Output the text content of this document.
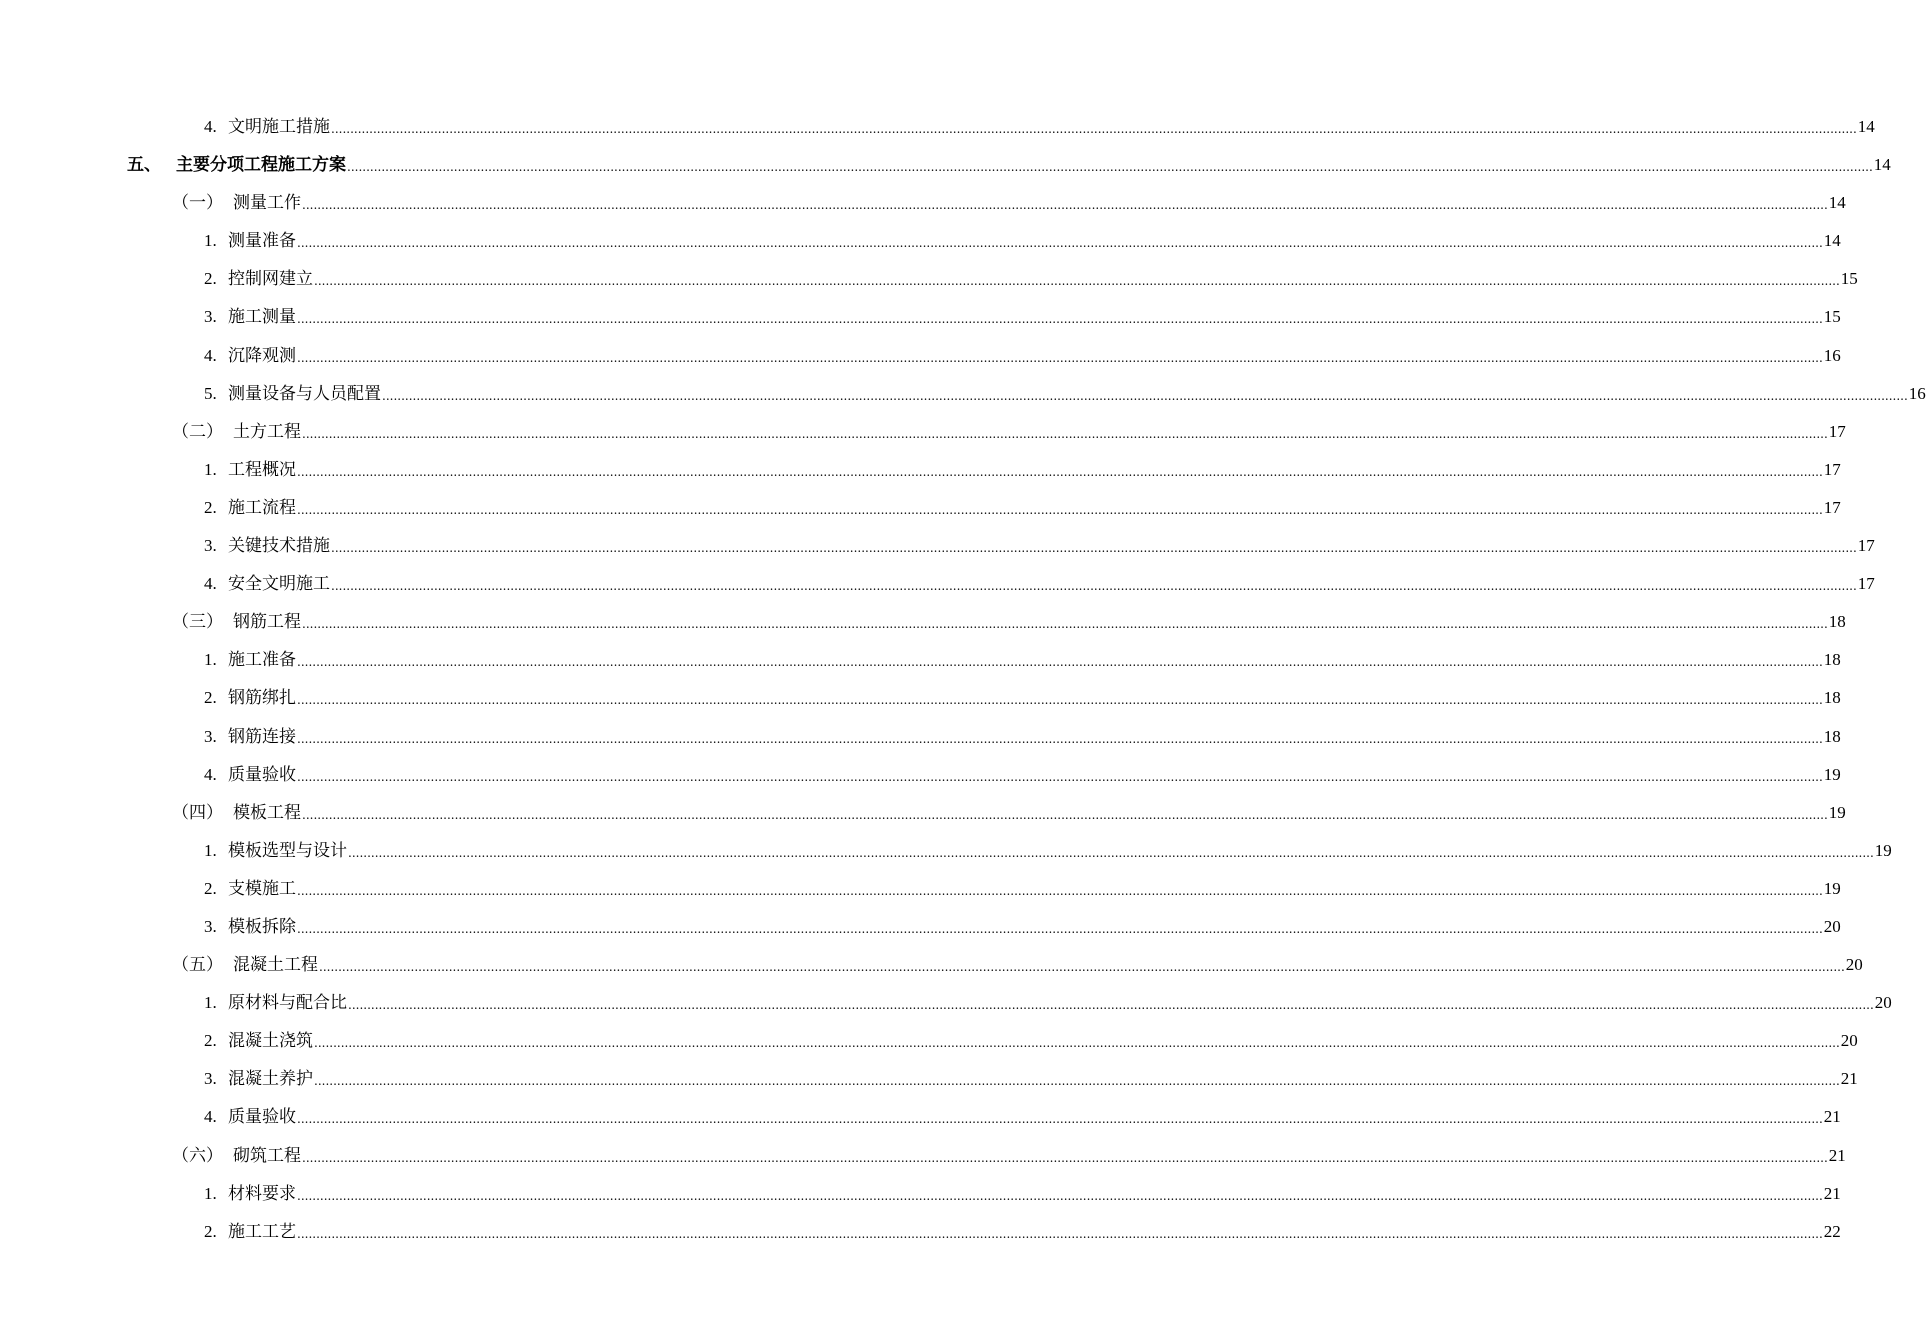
4. 文明施工措施 ................................................................................................................................................................................................................................................................................................................................................................................................................ 14
五、 主要分项工程施工方案 ................................................................................................................................................................................................................................................................................................................................................................................................................ 14
（一） 测量工作 ................................................................................................................................................................................................................................................................................................................................................................................................................ 14
1. 测量准备 ................................................................................................................................................................................................................................................................................................................................................................................................................ 14
2. 控制网建立 ................................................................................................................................................................................................................................................................................................................................................................................................................ 15
3. 施工测量 ................................................................................................................................................................................................................................................................................................................................................................................................................ 15
4. 沉降观测 ................................................................................................................................................................................................................................................................................................................................................................................................................ 16
5. 测量设备与人员配置 ................................................................................................................................................................................................................................................................................................................................................................................................................ 16
（二） 土方工程 ................................................................................................................................................................................................................................................................................................................................................................................................................ 17
1. 工程概况 ................................................................................................................................................................................................................................................................................................................................................................................................................ 17
2. 施工流程 ................................................................................................................................................................................................................................................................................................................................................................................................................ 17
3. 关键技术措施 ................................................................................................................................................................................................................................................................................................................................................................................................................ 17
4. 安全文明施工 ................................................................................................................................................................................................................................................................................................................................................................................................................ 17
（三） 钢筋工程 ................................................................................................................................................................................................................................................................................................................................................................................................................ 18
1. 施工准备 ................................................................................................................................................................................................................................................................................................................................................................................................................ 18
2. 钢筋绑扎 ................................................................................................................................................................................................................................................................................................................................................................................................................ 18
3. 钢筋连接 ................................................................................................................................................................................................................................................................................................................................................................................................................ 18
4. 质量验收 ................................................................................................................................................................................................................................................................................................................................................................................................................ 19
（四） 模板工程 ................................................................................................................................................................................................................................................................................................................................................................................................................ 19
1. 模板选型与设计 ................................................................................................................................................................................................................................................................................................................................................................................................................ 19
2. 支模施工 ................................................................................................................................................................................................................................................................................................................................................................................................................ 19
3. 模板拆除 ................................................................................................................................................................................................................................................................................................................................................................................................................ 20
（五） 混凝土工程 ................................................................................................................................................................................................................................................................................................................................................................................................................ 20
1. 原材料与配合比 ................................................................................................................................................................................................................................................................................................................................................................................................................ 20
2. 混凝土浇筑 ................................................................................................................................................................................................................................................................................................................................................................................................................ 20
3. 混凝土养护 ................................................................................................................................................................................................................................................................................................................................................................................................................ 21
4. 质量验收 ................................................................................................................................................................................................................................................................................................................................................................................................................ 21
（六） 砌筑工程 ................................................................................................................................................................................................................................................................................................................................................................................................................ 21
1. 材料要求 ................................................................................................................................................................................................................................................................................................................................................................................................................ 21
2. 施工工艺 ................................................................................................................................................................................................................................................................................................................................................................................................................ 22
